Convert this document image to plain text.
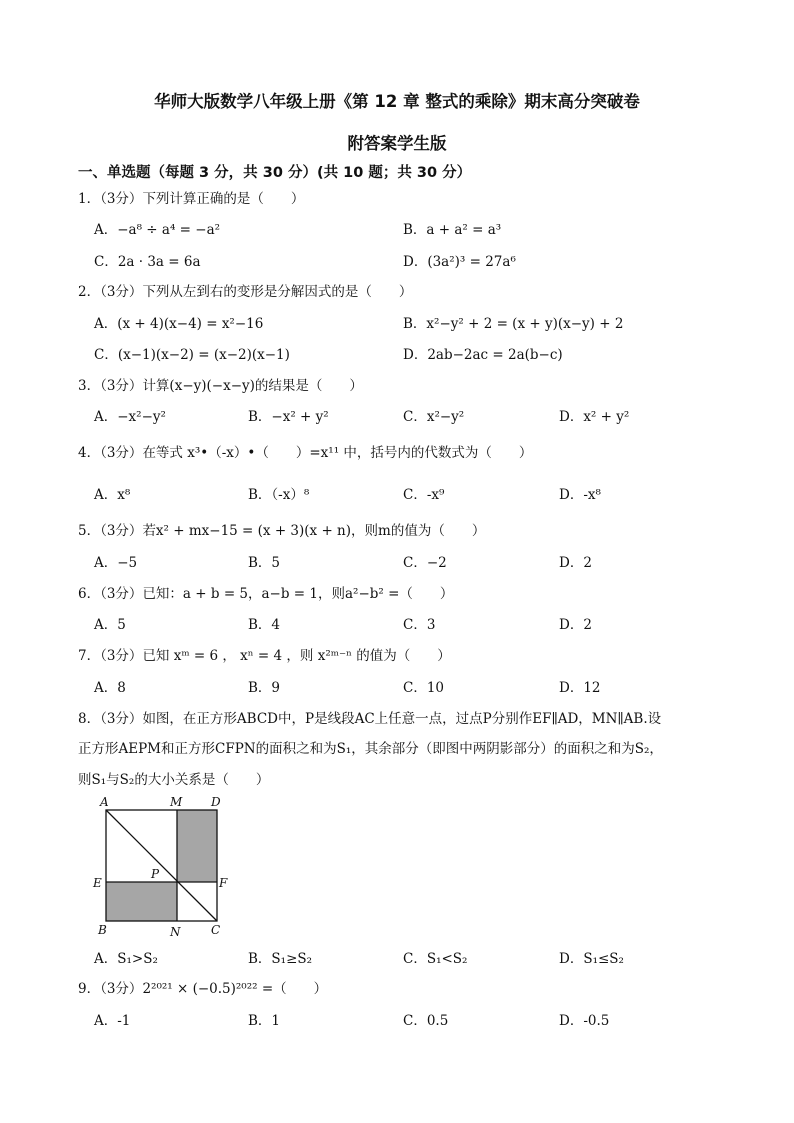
华师大版数学八年级上册《第 12 章 整式的乘除》期末高分突破卷
附答案学生版
一、单选题（每题 3 分，共 30 分）(共 10 题；共 30 分）
1．（3分）下列计算正确的是（　　）
A．−a⁸ ÷ a⁴ = −a²	B．a + a² = a³
C．2a · 3a = 6a	D．(3a²)³ = 27a⁶
2．（3分）下列从左到右的变形是分解因式的是（　　）
A．(x + 4)(x−4) = x²−16	B．x²−y² + 2 = (x + y)(x−y) + 2
C．(x−1)(x−2) = (x−2)(x−1)	D．2ab−2ac = 2a(b−c)
3．（3分）计算(x−y)(−x−y)的结果是（　　）
A．−x²−y²	B．−x² + y²	C．x²−y²	D．x² + y²
4．（3分）在等式 x³•（-x）•（　　）=x¹¹ 中，括号内的代数式为（　　）
A．x⁸	B．（-x）⁸	C．-x⁹	D．-x⁸
5．（3分）若x² + mx−15 = (x + 3)(x + n)，则m的值为（　　）
A．−5	B．5	C．−2	D．2
6．（3分）已知：a + b = 5，a−b = 1，则a²−b² =（　　）
A．5	B．4	C．3	D．2
7．（3分）已知 xᵐ = 6 ， xⁿ = 4 ，则 x²ᵐ⁻ⁿ 的值为（　　）
A．8	B．9	C．10	D．12
8．（3分）如图，在正方形ABCD中，P是线段AC上任意一点，过点P分别作EF∥AD，MN∥AB.设
正方形AEPM和正方形CFPN的面积之和为S₁，其余部分（即图中两阴影部分）的面积之和为S₂，
则S₁与S₂的大小关系是（　　）
A	M D
E
P
F
B	N	C
A．S₁>S₂	B．S₁≥S₂	C．S₁<S₂	D．S₁≤S₂
9．（3分）2²⁰²¹ × (−0.5)²⁰²² =（　　）
A．-1	B．1	C．0.5	D．-0.5
